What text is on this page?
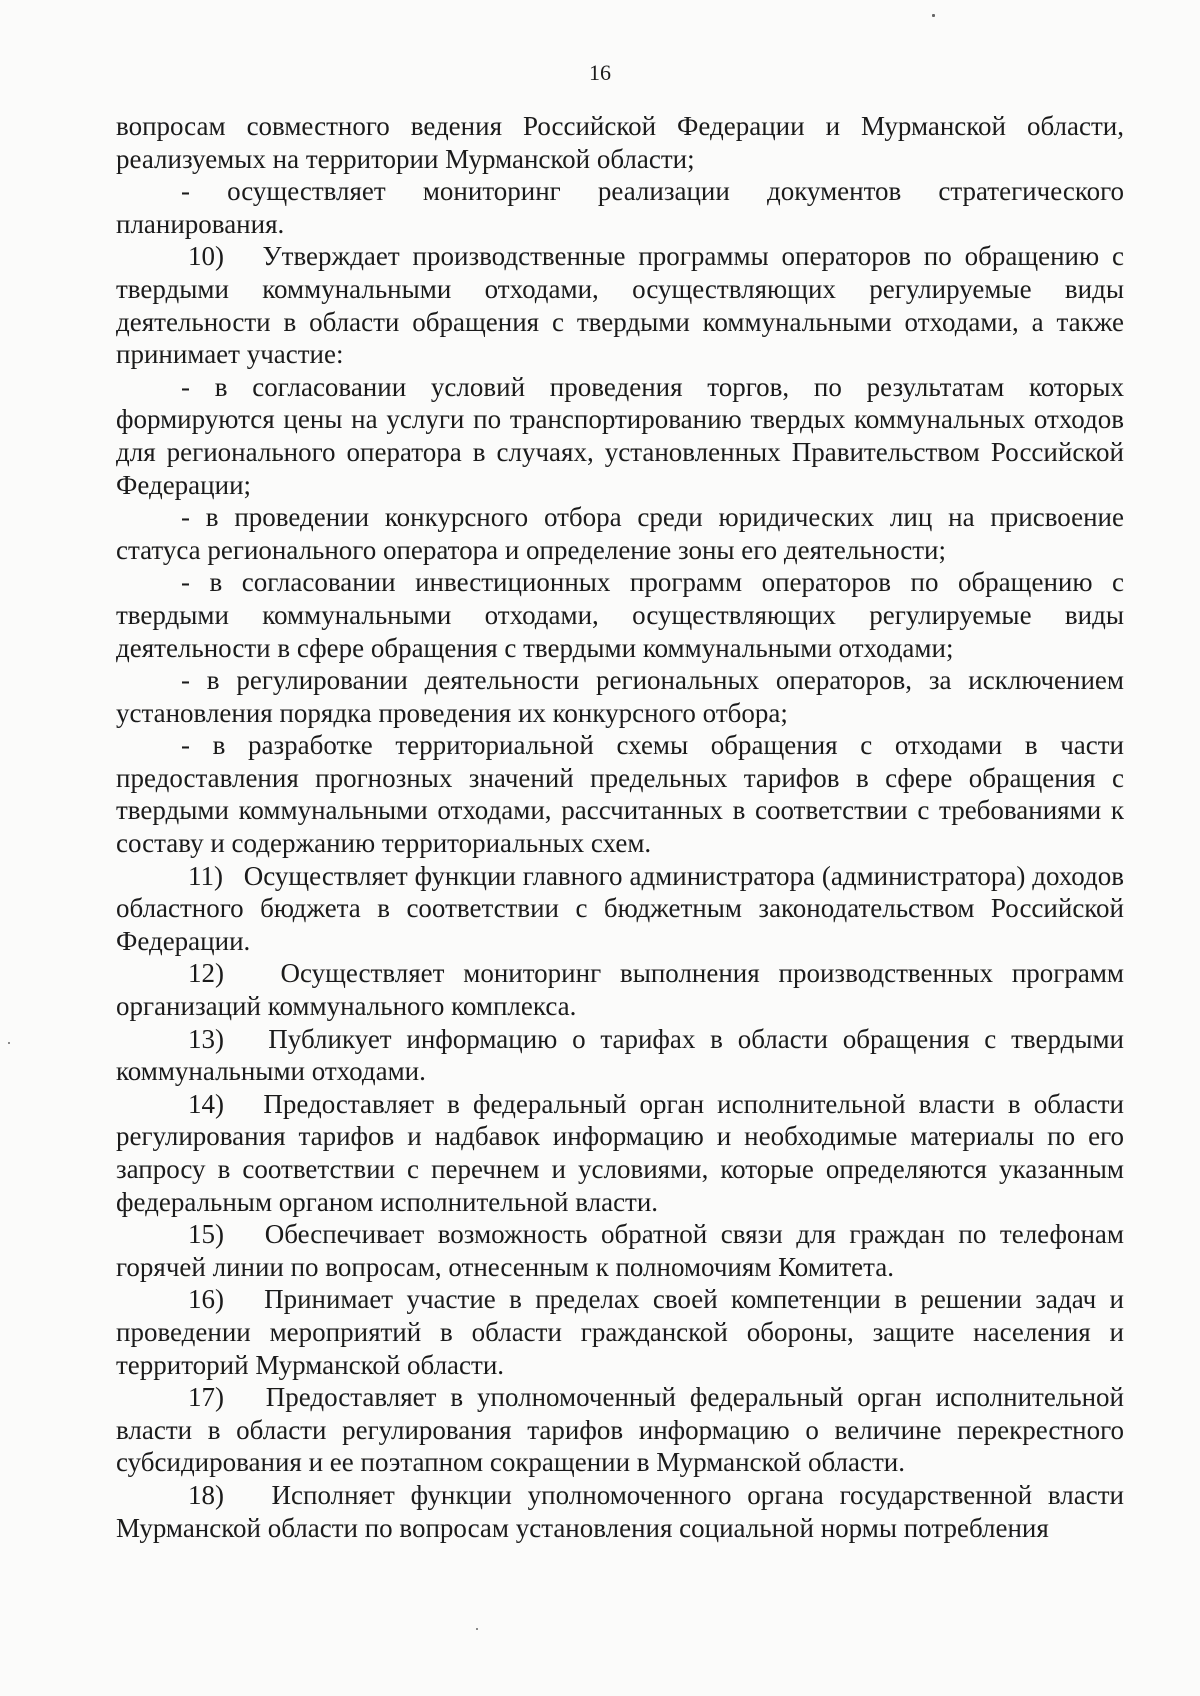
16

вопросам совместного ведения Российской Федерации и Мурманской области, реализуемых на территории Мурманской области;

- осуществляет мониторинг реализации документов стратегического планирования.

10)   Утверждает производственные программы операторов по обращению с твердыми коммунальными отходами, осуществляющих регулируемые виды деятельности в области обращения с твердыми коммунальными отходами, а также принимает участие:

- в согласовании условий проведения торгов, по результатам которых формируются цены на услуги по транспортированию твердых коммунальных отходов для регионального оператора в случаях, установленных Правительством Российской Федерации;

- в проведении конкурсного отбора среди юридических лиц на присвоение статуса регионального оператора и определение зоны его деятельности;

- в согласовании инвестиционных программ операторов по обращению с твердыми коммунальными отходами, осуществляющих регулируемые виды деятельности в сфере обращения с твердыми коммунальными отходами;

- в регулировании деятельности региональных операторов, за исключением установления порядка проведения их конкурсного отбора;

- в разработке территориальной схемы обращения с отходами в части предоставления прогнозных значений предельных тарифов в сфере обращения с твердыми коммунальными отходами, рассчитанных в соответствии с требованиями к составу и содержанию территориальных схем.

11)   Осуществляет функции главного администратора (администратора) доходов областного бюджета в соответствии с бюджетным законодательством Российской Федерации.

12)   Осуществляет мониторинг выполнения производственных программ организаций коммунального комплекса.

13)   Публикует информацию о тарифах в области обращения с твердыми коммунальными отходами.

14)   Предоставляет в федеральный орган исполнительной власти в области регулирования тарифов и надбавок информацию и необходимые материалы по его запросу в соответствии с перечнем и условиями, которые определяются указанным федеральным органом исполнительной власти.

15)   Обеспечивает возможность обратной связи для граждан по телефонам горячей линии по вопросам, отнесенным к полномочиям Комитета.

16)   Принимает участие в пределах своей компетенции в решении задач и проведении мероприятий в области гражданской обороны, защите населения и территорий Мурманской области.

17)   Предоставляет в уполномоченный федеральный орган исполнительной власти в области регулирования тарифов информацию о величине перекрестного субсидирования и ее поэтапном сокращении в Мурманской области.

18)   Исполняет функции уполномоченного органа государственной власти Мурманской области по вопросам установления социальной нормы потребления
